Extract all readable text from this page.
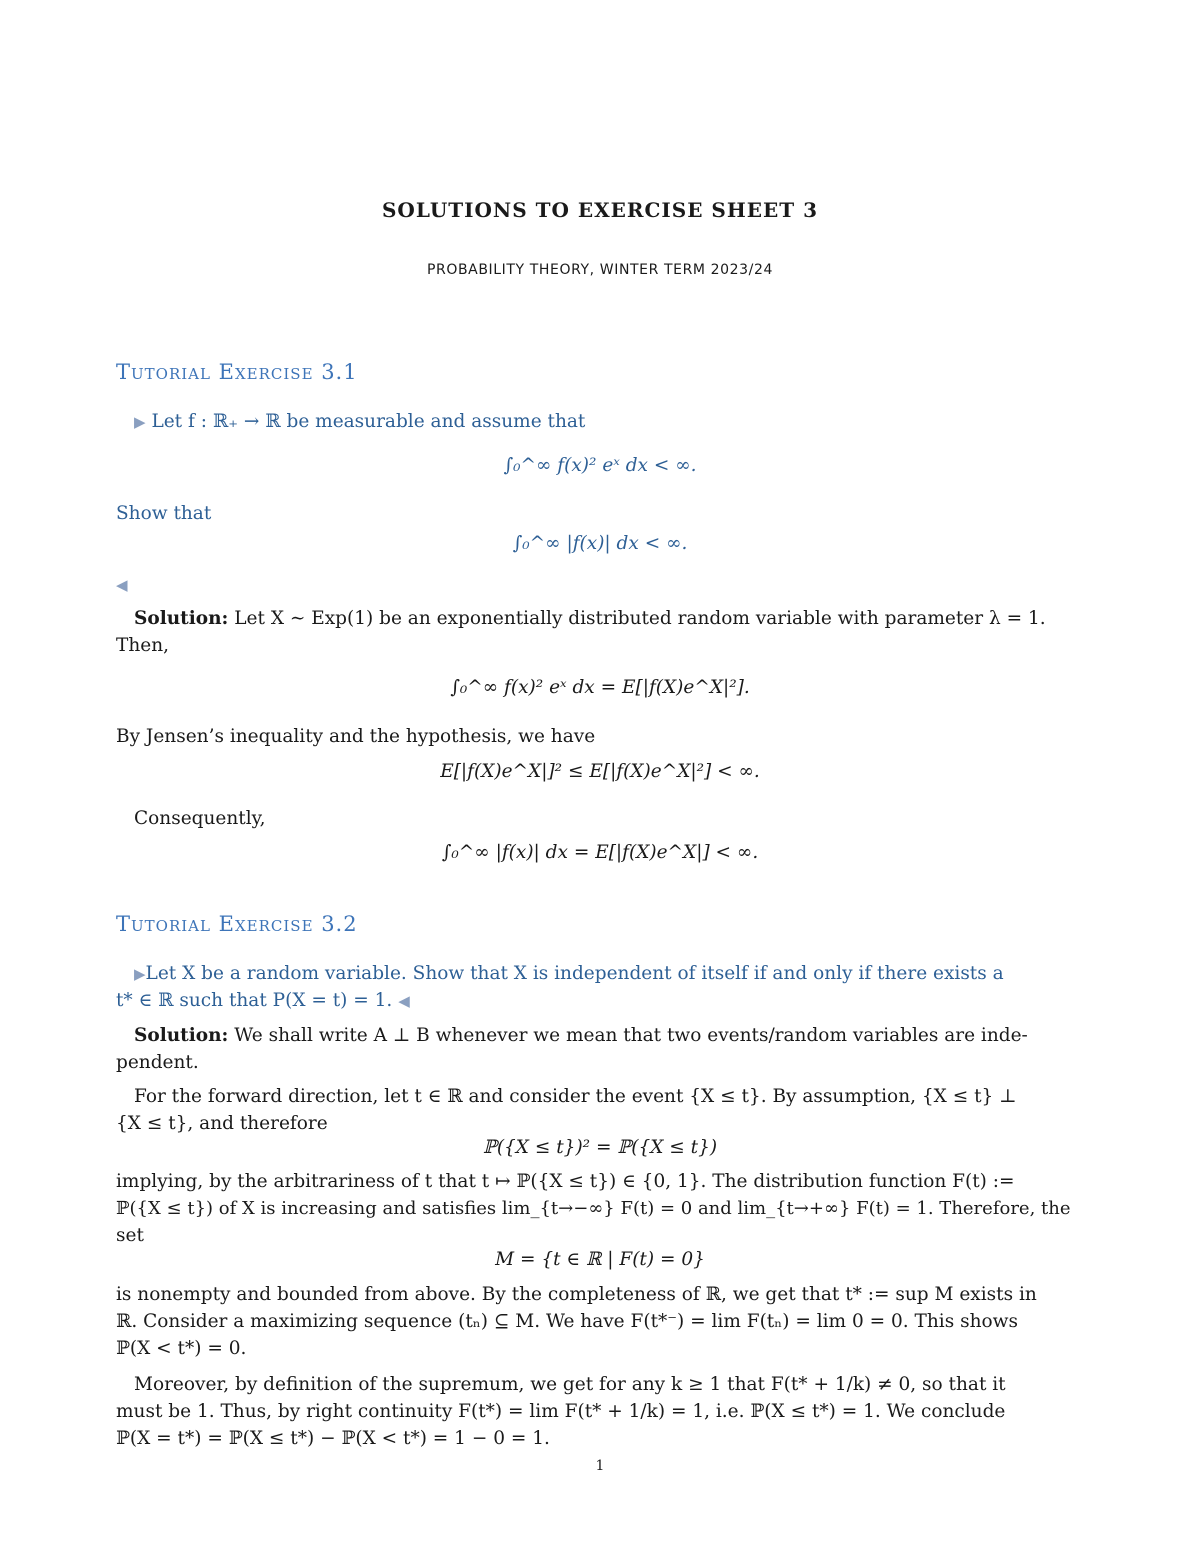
SOLUTIONS TO EXERCISE SHEET 3
PROBABILITY THEORY, WINTER TERM 2023/24
Tutorial Exercise 3.1
▶ Let f : ℝ₊ → ℝ be measurable and assume that
∫₀^∞ f(x)² eˣ dx < ∞.
Show that
∫₀^∞ |f(x)| dx < ∞.
◀
Solution: Let X ∼ Exp(1) be an exponentially distributed random variable with parameter λ = 1.
Then,
∫₀^∞ f(x)² eˣ dx = E[|f(X)e^X|²].
By Jensen’s inequality and the hypothesis, we have
E[|f(X)e^X|]² ≤ E[|f(X)e^X|²] < ∞.
Consequently,
∫₀^∞ |f(x)| dx = E[|f(X)e^X|] < ∞.
Tutorial Exercise 3.2
▶Let X be a random variable. Show that X is independent of itself if and only if there exists a
t* ∈ ℝ such that P(X = t) = 1. ◀
Solution: We shall write A ⊥ B whenever we mean that two events/random variables are inde-
pendent.
For the forward direction, let t ∈ ℝ and consider the event {X ≤ t}. By assumption, {X ≤ t} ⊥
{X ≤ t}, and therefore
ℙ({X ≤ t})² = ℙ({X ≤ t})
implying, by the arbitrariness of t that t ↦ ℙ({X ≤ t}) ∈ {0, 1}. The distribution function F(t) :=
ℙ({X ≤ t}) of X is increasing and satisfies lim_{t→−∞} F(t) = 0 and lim_{t→+∞} F(t) = 1. Therefore, the
set
M = {t ∈ ℝ | F(t) = 0}
is nonempty and bounded from above. By the completeness of ℝ, we get that t* := sup M exists in
ℝ. Consider a maximizing sequence (tₙ) ⊆ M. We have F(t*⁻) = lim F(tₙ) = lim 0 = 0. This shows
ℙ(X < t*) = 0.
Moreover, by definition of the supremum, we get for any k ≥ 1 that F(t* + 1/k) ≠ 0, so that it
must be 1. Thus, by right continuity F(t*) = lim F(t* + 1/k) = 1, i.e. ℙ(X ≤ t*) = 1. We conclude
ℙ(X = t*) = ℙ(X ≤ t*) − ℙ(X < t*) = 1 − 0 = 1.
1
